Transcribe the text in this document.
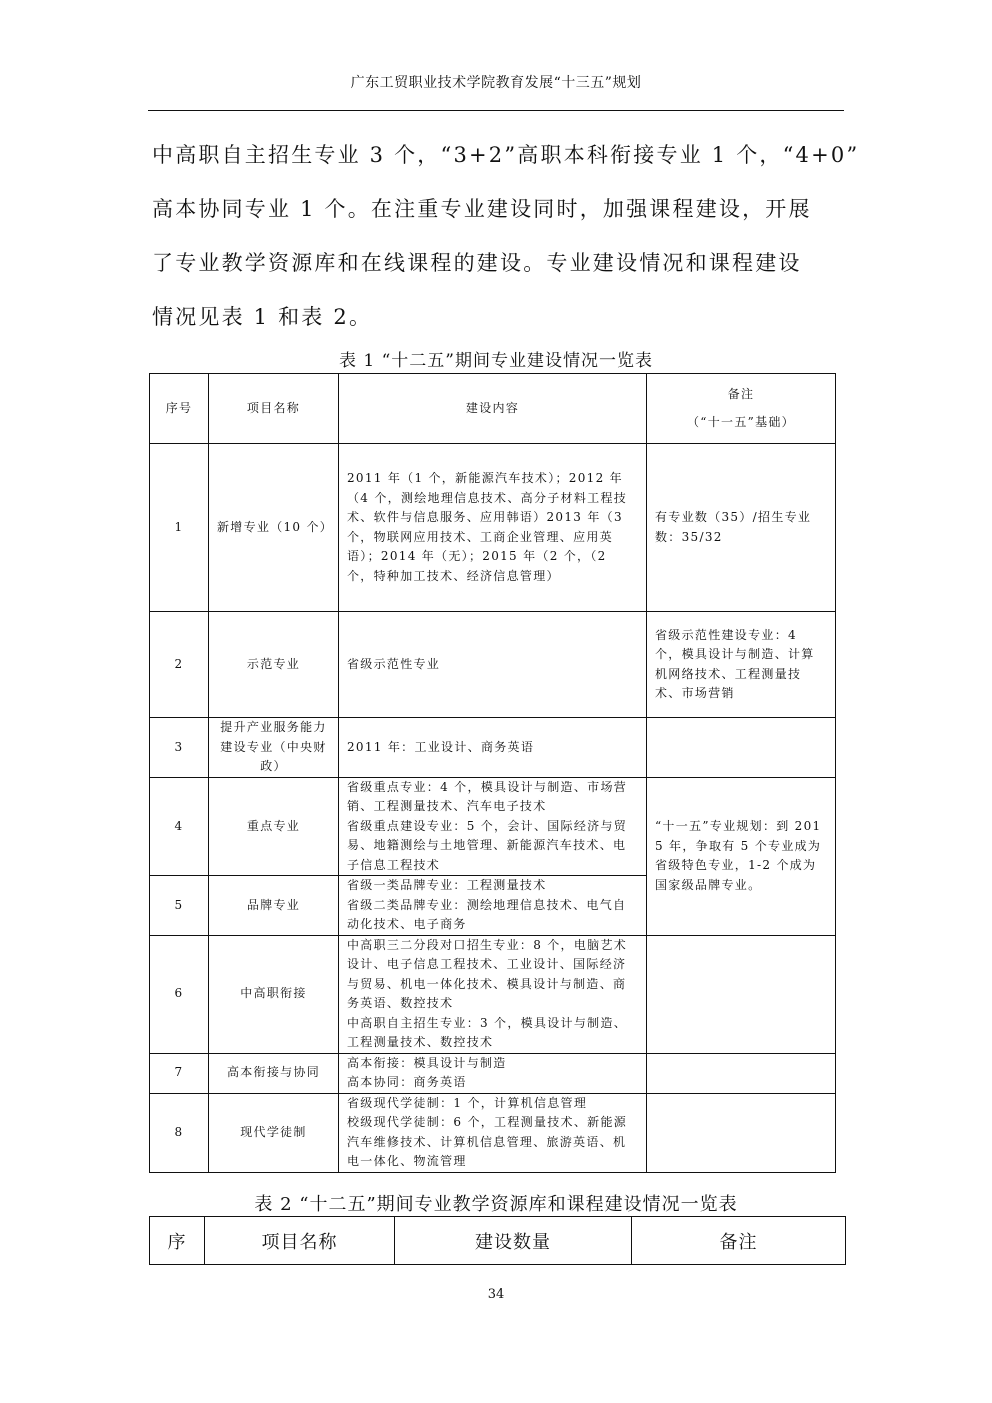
广东工贸职业技术学院教育发展“十三五”规划

中高职自主招生专业 3 个，“3+2”高职本科衔接专业 1 个，“4+0”
高本协同专业 1 个。在注重专业建设同时，加强课程建设，开展
了专业教学资源库和在线课程的建设。专业建设情况和课程建设
情况见表 1 和表 2。

表 1 “十二五”期间专业建设情况一览表
序号	项目名称	建设内容	备注
（“十一五”基础）

1	新增专业（10 个）	2011 年（1 个，新能源汽车技术）；2012 年（4 个，测绘地理信息技术、高分子材料工程技术、软件与信息服务、应用韩语）2013 年（3 个，物联网应用技术、工商企业管理、应用英语）；2014 年（无）；2015 年（2 个，（2 个，特种加工技术、经济信息管理）	有专业数（35）/招生专业数：35/32
2	示范专业	省级示范性专业	省级示范性建设专业：4 个，模具设计与制造、计算机网络技术、工程测量技术、市场营销
3	提升产业服务能力建设专业（中央财政）	2011 年：工业设计、商务英语	
4	重点专业	省级重点专业：4 个，模具设计与制造、市场营销、工程测量技术、汽车电子技术
省级重点建设专业：5 个，会计、国际经济与贸易、地籍测绘与土地管理、新能源汽车技术、电子信息工程技术	“十一五”专业规划：到 2015 年，争取有 5 个专业成为省级特色专业，1-2 个成为国家级品牌专业。
5	品牌专业	省级一类品牌专业：工程测量技术
省级二类品牌专业：测绘地理信息技术、电气自动化技术、电子商务	

6	中高职衔接	中高职三二分段对口招生专业：8 个，电脑艺术设计、电子信息工程技术、工业设计、国际经济与贸易、机电一体化技术、模具设计与制造、商务英语、数控技术
中高职自主招生专业：3 个，模具设计与制造、工程测量技术、数控技术	

7	高本衔接与协同	高本衔接：模具设计与制造
高本协同：商务英语	

8	现代学徒制	省级现代学徒制：1 个，计算机信息管理
校级现代学徒制：6 个，工程测量技术、新能源汽车维修技术、计算机信息管理、旅游英语、机电一体化、物流管理	

表 2 “十二五”期间专业教学资源库和课程建设情况一览表
序	项目名称	建设数量	备注
34
